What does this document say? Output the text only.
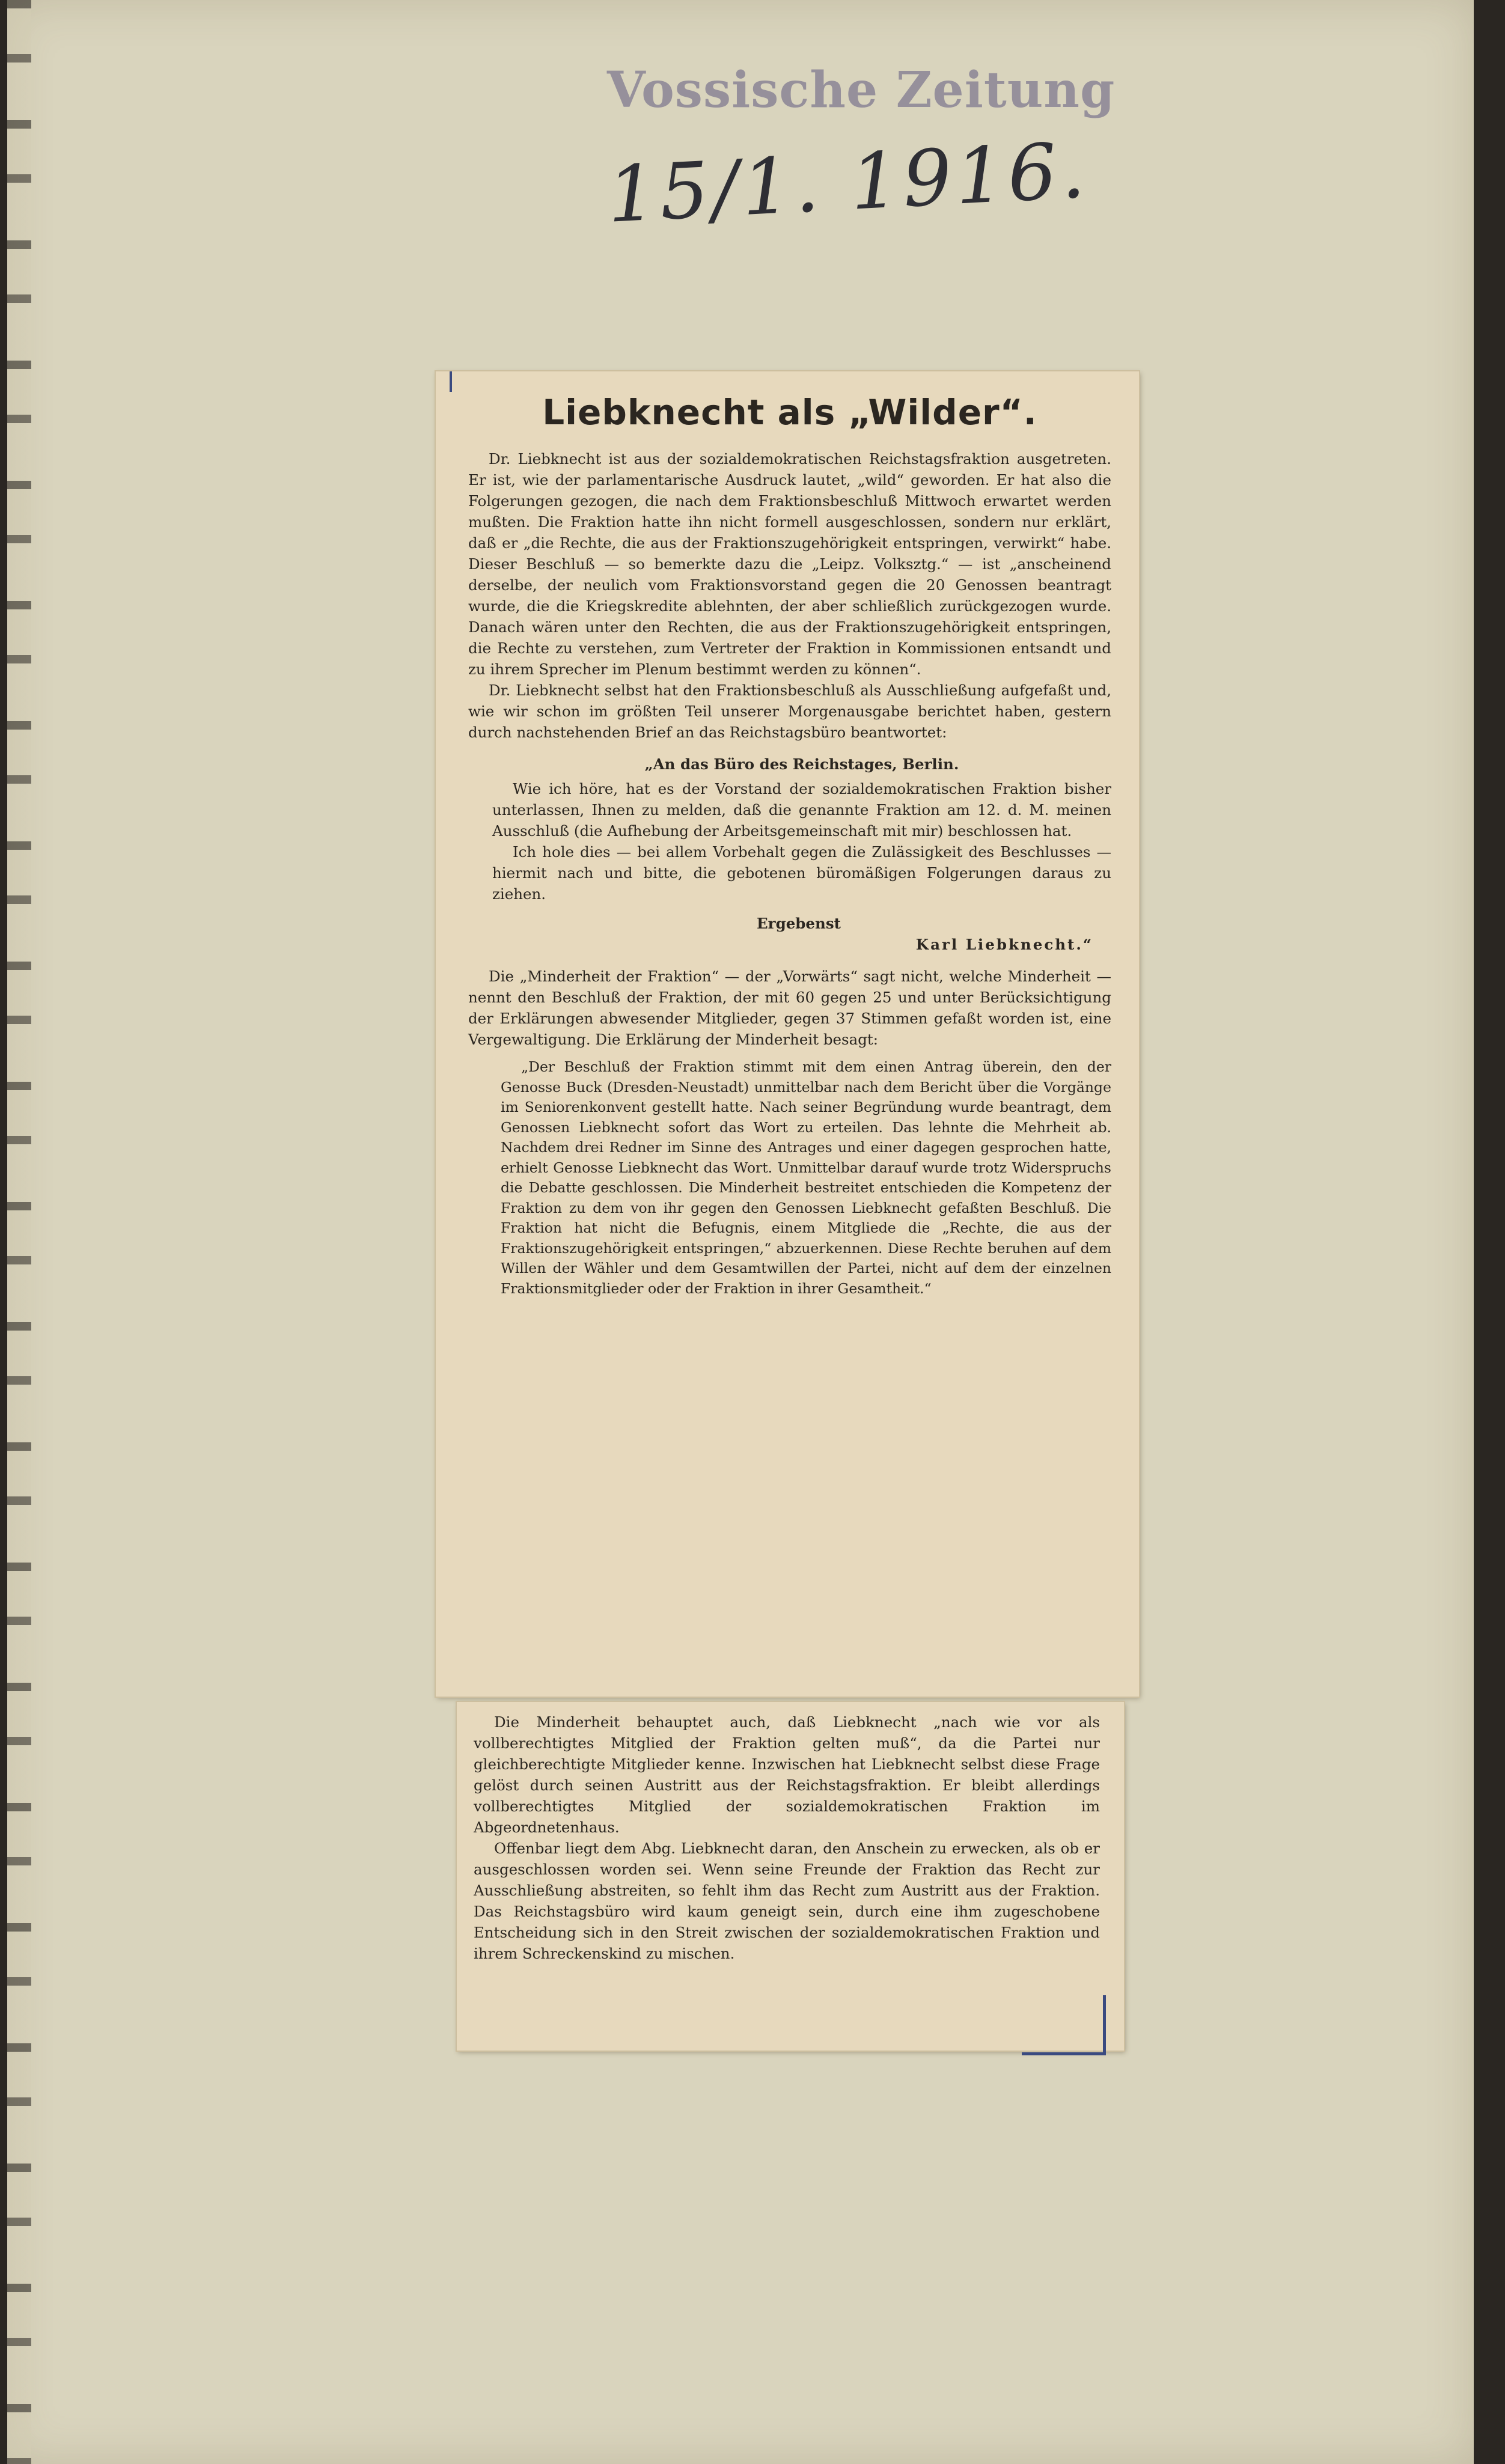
Vossische Zeitung
15/1. 1916.
Liebknecht als „Wilder“.

Dr. Liebknecht ist aus der sozialdemokratischen Reichstagsfraktion ausgetreten. Er ist, wie der parlamentarische Ausdruck lautet, „wild“ geworden. Er hat also die Folgerungen gezogen, die nach dem Fraktionsbeschluß Mittwoch erwartet werden mußten. Die Fraktion hatte ihn nicht formell ausgeschlossen, sondern nur erklärt, daß er „die Rechte, die aus der Fraktionszugehörigkeit entspringen, verwirkt“ habe. Dieser Beschluß — so bemerkte dazu die „Leipz. Volksztg.“ — ist „anscheinend derselbe, der neulich vom Fraktionsvorstand gegen die 20 Genossen beantragt wurde, die die Kriegskredite ablehnten, der aber schließlich zurückgezogen wurde. Danach wären unter den Rechten, die aus der Fraktionszugehörigkeit entspringen, die Rechte zu verstehen, zum Vertreter der Fraktion in Kommissionen entsandt und zu ihrem Sprecher im Plenum bestimmt werden zu können“.

Dr. Liebknecht selbst hat den Fraktionsbeschluß als Ausschließung aufgefaßt und, wie wir schon im größten Teil unserer Morgenausgabe berichtet haben, gestern durch nachstehenden Brief an das Reichstagsbüro beantwortet:

„An das Büro des Reichstages, Berlin.

Wie ich höre, hat es der Vorstand der sozialdemokratischen Fraktion bisher unterlassen, Ihnen zu melden, daß die genannte Fraktion am 12. d. M. meinen Ausschluß (die Aufhebung der Arbeitsgemeinschaft mit mir) beschlossen hat.

Ich hole dies — bei allem Vorbehalt gegen die Zulässigkeit des Beschlusses — hiermit nach und bitte, die gebotenen büromäßigen Folgerungen daraus zu ziehen.

Ergebenst

Karl Liebknecht.“

Die „Minderheit der Fraktion“ — der „Vorwärts“ sagt nicht, welche Minderheit — nennt den Beschluß der Fraktion, der mit 60 gegen 25 und unter Berücksichtigung der Erklärungen abwesender Mitglieder, gegen 37 Stimmen gefaßt worden ist, eine Vergewaltigung. Die Erklärung der Minderheit besagt:

„Der Beschluß der Fraktion stimmt mit dem einen Antrag überein, den der Genosse Buck (Dresden-Neustadt) unmittelbar nach dem Bericht über die Vorgänge im Seniorenkonvent gestellt hatte. Nach seiner Begründung wurde beantragt, dem Genossen Liebknecht sofort das Wort zu erteilen. Das lehnte die Mehrheit ab. Nachdem drei Redner im Sinne des Antrages und einer dagegen gesprochen hatte, erhielt Genosse Liebknecht das Wort. Unmittelbar darauf wurde trotz Widerspruchs die Debatte geschlossen. Die Minderheit bestreitet entschieden die Kompetenz der Fraktion zu dem von ihr gegen den Genossen Liebknecht gefaßten Beschluß. Die Fraktion hat nicht die Befugnis, einem Mitgliede die „Rechte, die aus der Fraktionszugehörigkeit entspringen,“ abzuerkennen. Diese Rechte beruhen auf dem Willen der Wähler und dem Gesamtwillen der Partei, nicht auf dem der einzelnen Fraktionsmitglieder oder der Fraktion in ihrer Gesamtheit.“

Die Minderheit behauptet auch, daß Liebknecht „nach wie vor als vollberechtigtes Mitglied der Fraktion gelten muß“, da die Partei nur gleichberechtigte Mitglieder kenne. Inzwischen hat Liebknecht selbst diese Frage gelöst durch seinen Austritt aus der Reichstagsfraktion. Er bleibt allerdings vollberechtigtes Mitglied der sozialdemokratischen Fraktion im Abgeordnetenhaus.

Offenbar liegt dem Abg. Liebknecht daran, den Anschein zu erwecken, als ob er ausgeschlossen worden sei. Wenn seine Freunde der Fraktion das Recht zur Ausschließung abstreiten, so fehlt ihm das Recht zum Austritt aus der Fraktion. Das Reichstagsbüro wird kaum geneigt sein, durch eine ihm zugeschobene Entscheidung sich in den Streit zwischen der sozialdemokratischen Fraktion und ihrem Schreckenskind zu mischen.
